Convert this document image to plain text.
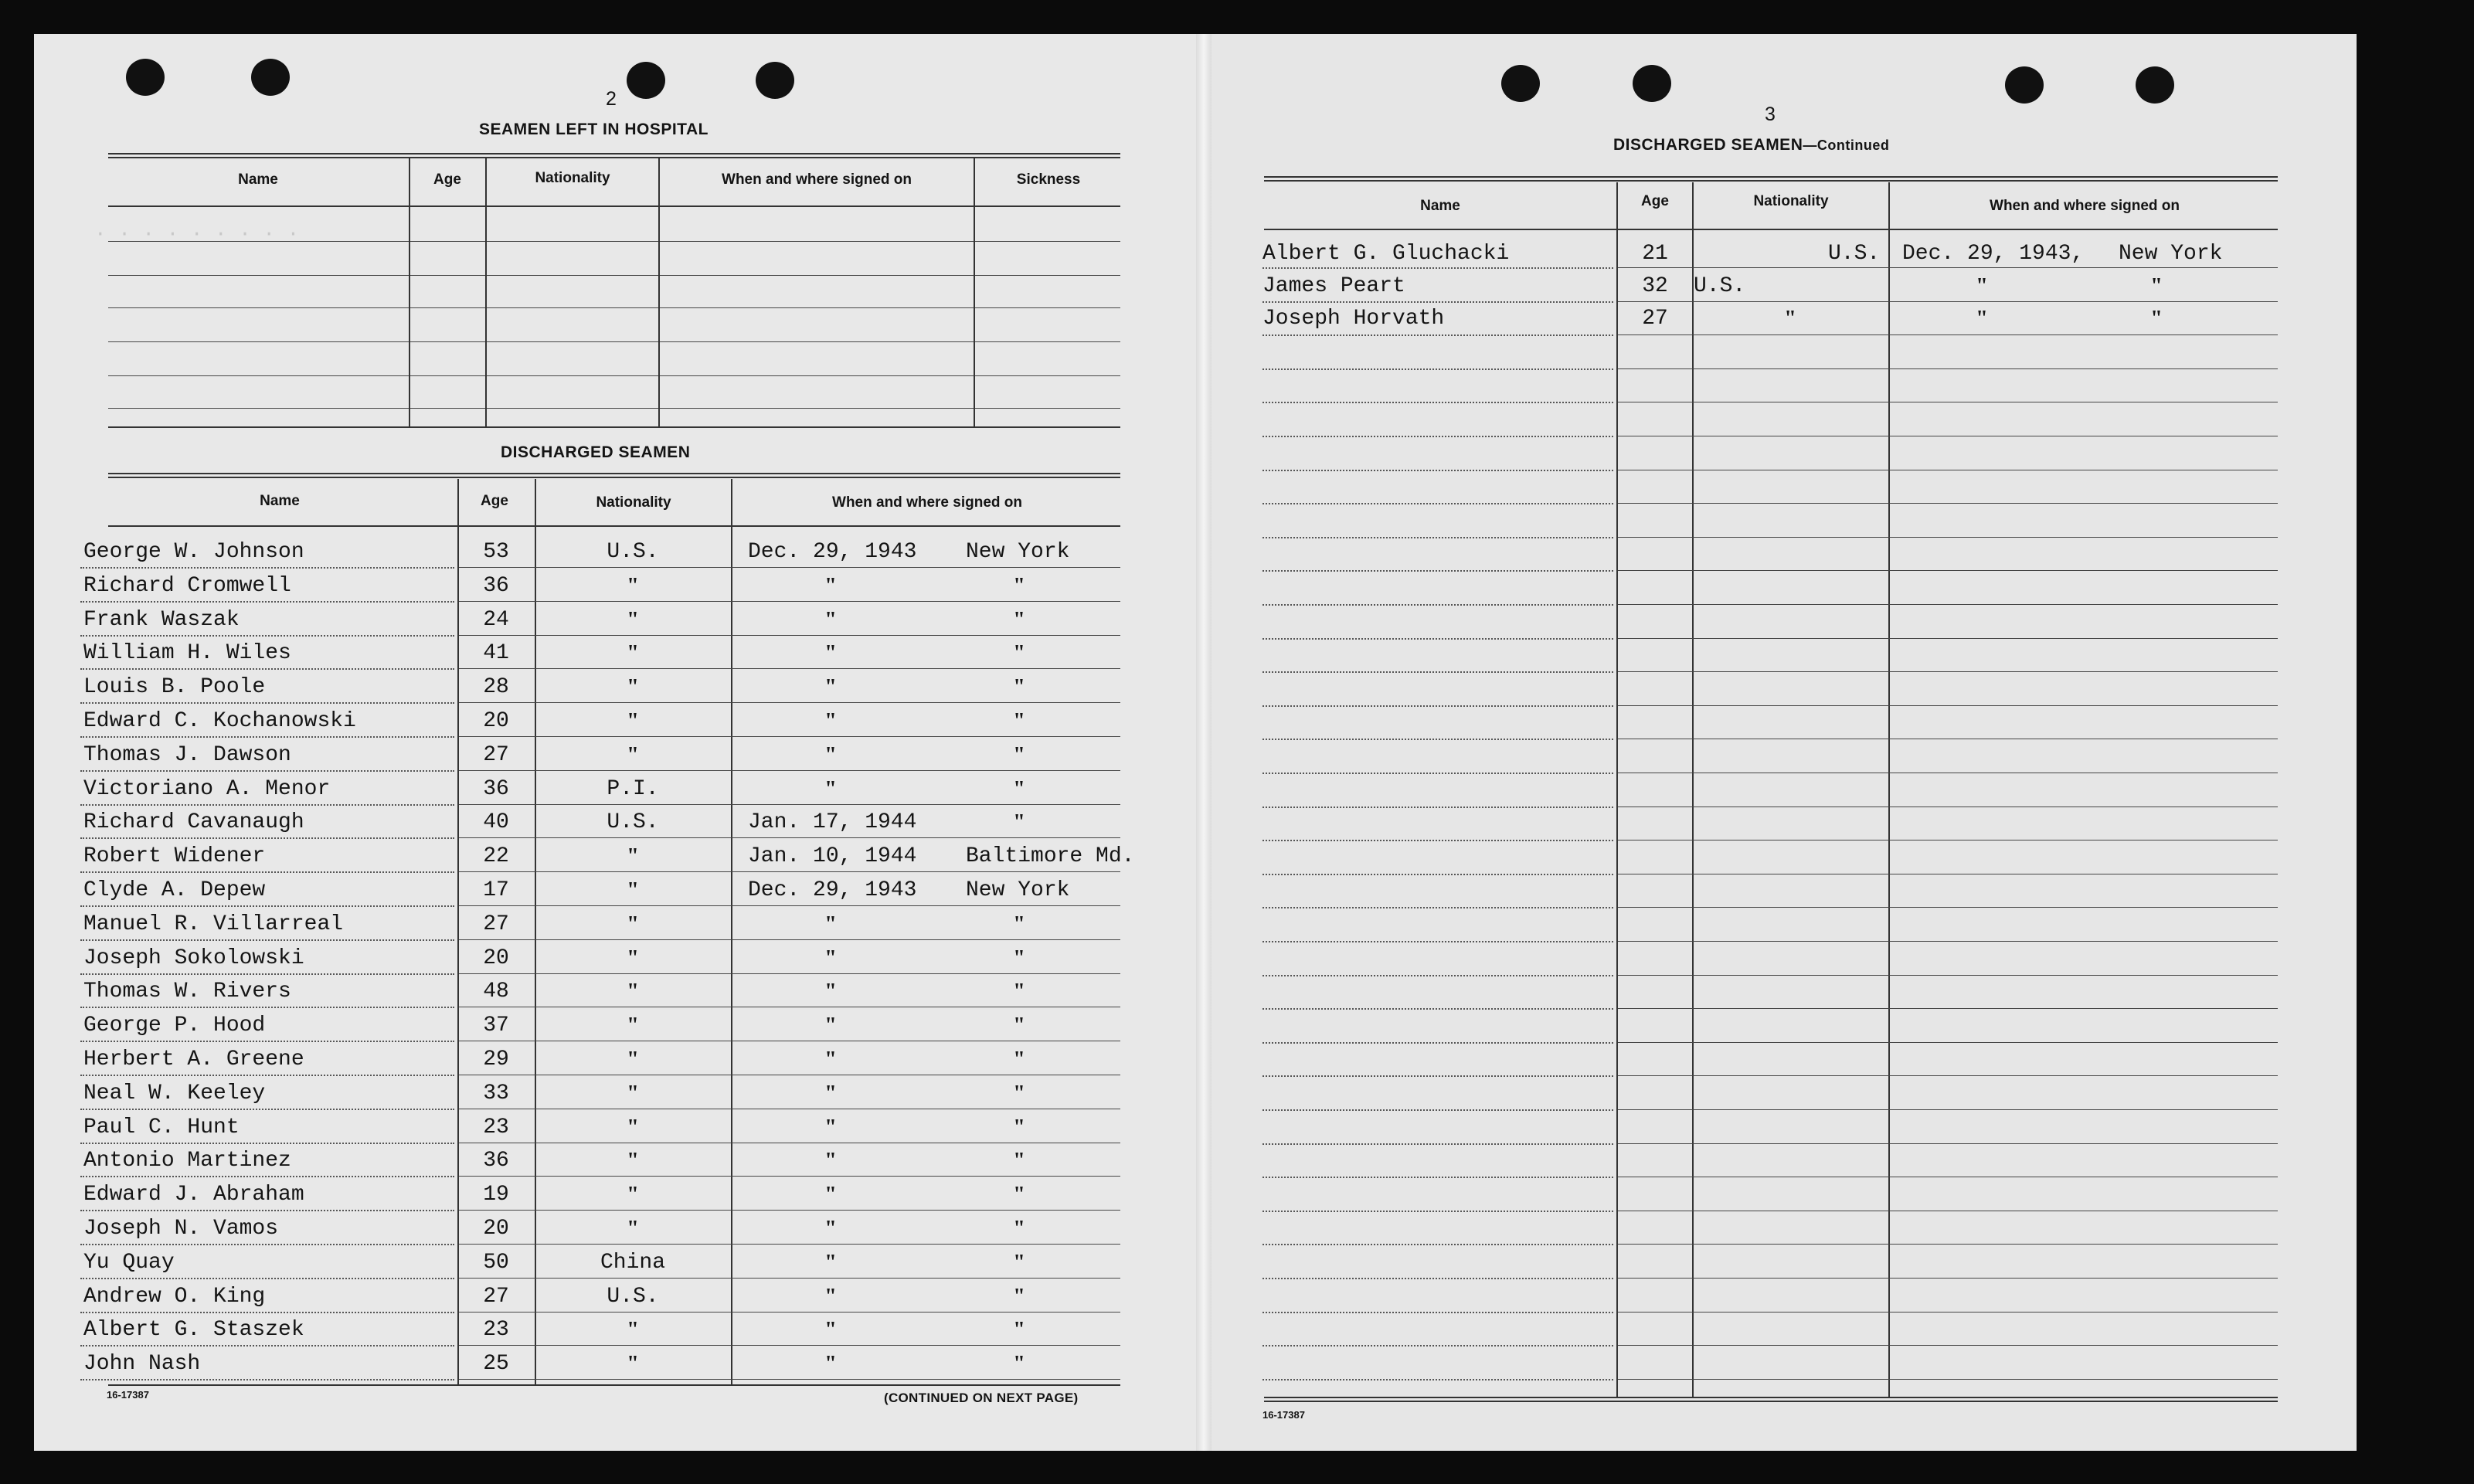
2
SEAMEN LEFT IN HOSPITAL
Name	Age	Nationality	When and where signed on	Sickness
· · · · · · · · ·
DISCHARGED SEAMEN
Name	Age	Nationality	When and where signed on
George W. Johnson	53	U.S.	Dec. 29, 1943 New York
Richard Cromwell	36	"	"	"
Frank Waszak	24	"	"	"
William H. Wiles	41	"	"	"
Louis B. Poole	28	"	"	"
Edward C. Kochanowski	20	"	"	"
Thomas J. Dawson	27	"	"	"
Victoriano A. Menor	36	P.I.	"	"
Richard Cavanaugh	40	U.S.	Jan. 17, 1944	"
Robert Widener	22	"	Jan. 10, 1944 Baltimore Md.
Clyde A. Depew	17	"	Dec. 29, 1943 New York
Manuel R. Villarreal	27	"	"	"
Joseph Sokolowski	20	"	"	"
Thomas W. Rivers	48	"	"	"
George P. Hood	37	"	"	"
Herbert A. Greene	29	"	"	"
Neal W. Keeley	33	"	"	"
Paul C. Hunt	23	"	"	"
Antonio Martinez	36	"	"	"
Edward J. Abraham	19	"	"	"
Joseph N. Vamos	20	"	"	"
Yu Quay	50	China	"	"
Andrew O. King	27	U.S.	"	"
Albert G. Staszek	23	"	"	"
John Nash	25	"	"	"
16-17387	(CONTINUED ON NEXT PAGE)
3
DISCHARGED SEAMEN—Continued
Name	Age	Nationality	When and where signed on
Albert G. Gluchacki	21	U.S. Dec. 29, 1943, New York
James Peart	32	U.S.	"	"
Joseph Horvath	27	"	"	"
16-17387
